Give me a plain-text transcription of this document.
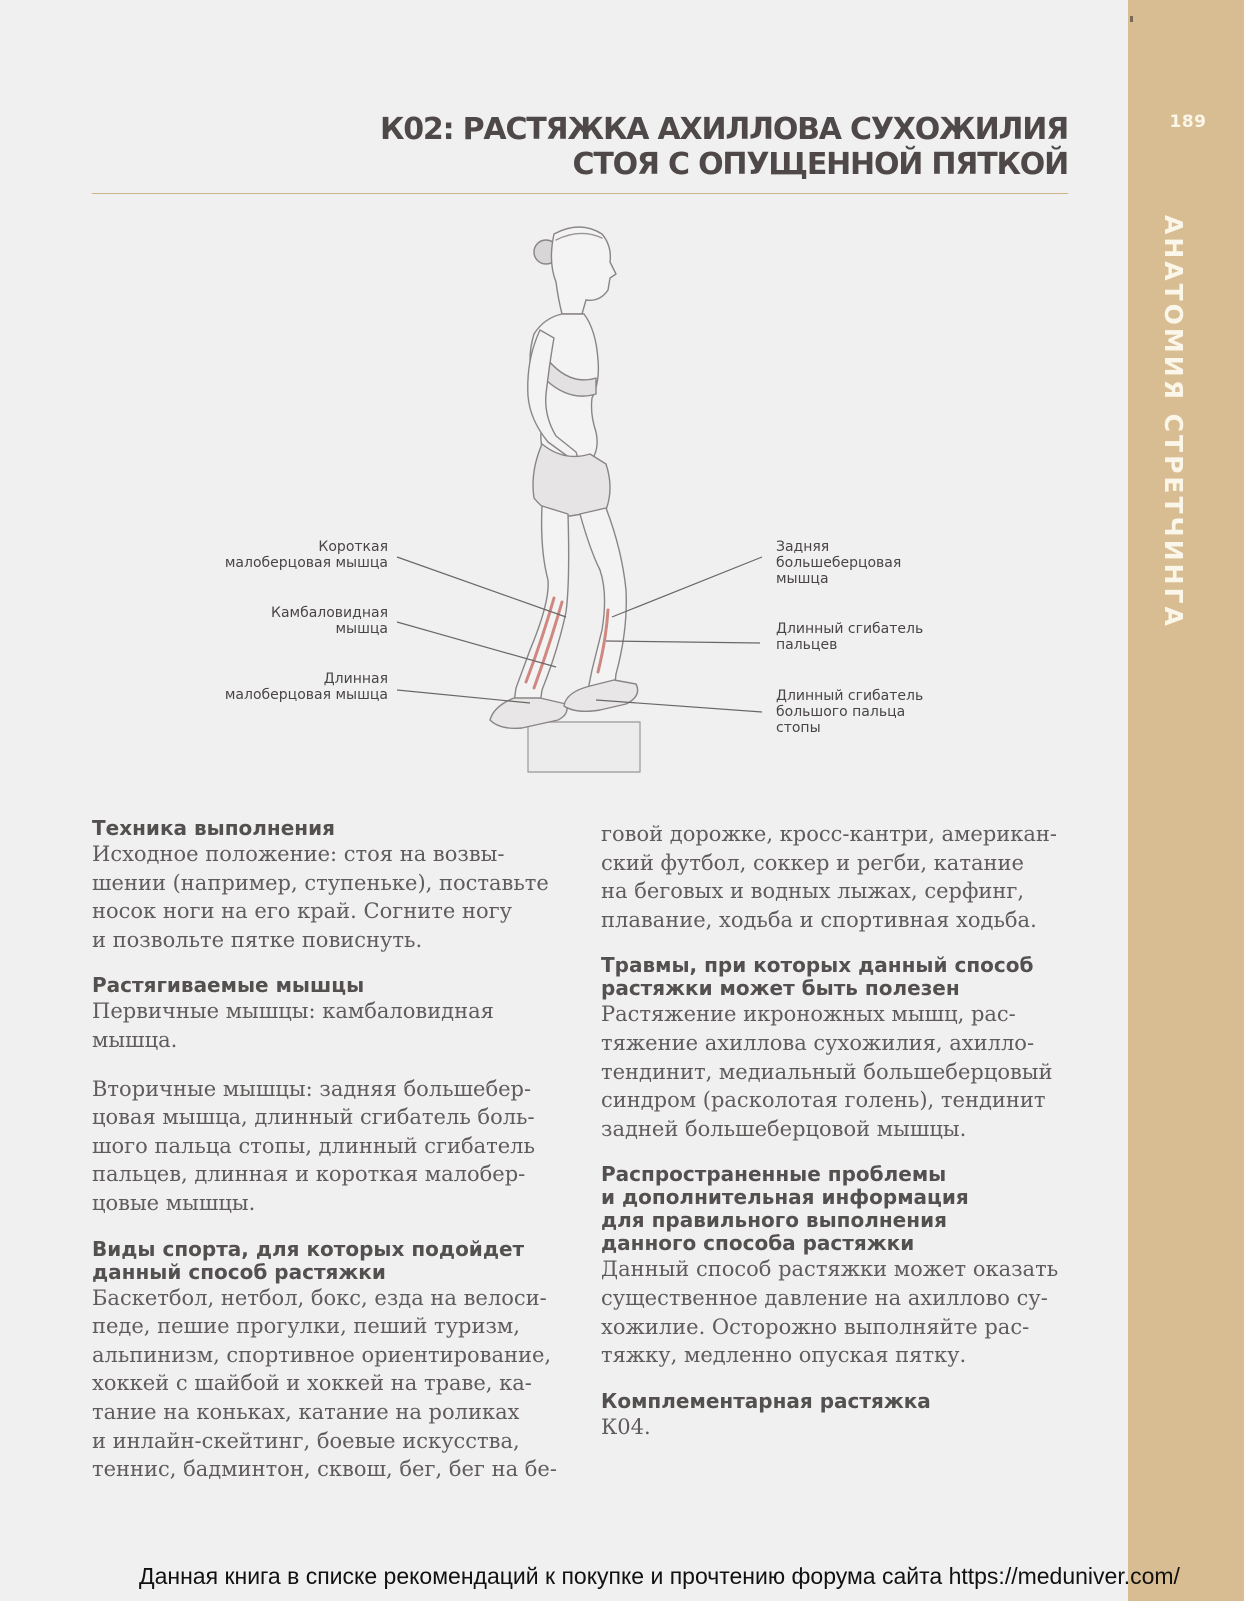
189
АНАТОМИЯ СТРЕТЧИНГА
К02: РАСТЯЖКА АХИЛЛОВА СУХОЖИЛИЯ
СТОЯ С ОПУЩЕННОЙ ПЯТКОЙ
Короткая
малоберцовая мышца
Камбаловидная
мышца
Длинная
малоберцовая мышца
Задняя
большеберцовая
мышца
Длинный сгибатель
пальцев
Длинный сгибатель
большого пальца
стопы
Техника выполнения
Исходное положение: стоя на возвы-
шении (например, ступеньке), поставьте
носок ноги на его край. Согните ногу
и позвольте пятке повиснуть.
Растягиваемые мышцы
Первичные мышцы: камбаловидная
мышца.
Вторичные мышцы: задняя большебер-
цовая мышца, длинный сгибатель боль-
шого пальца стопы, длинный сгибатель
пальцев, длинная и короткая малобер-
цовые мышцы.
Виды спорта, для которых подойдет
данный способ растяжки
Баскетбол, нетбол, бокс, езда на велоси-
педе, пешие прогулки, пеший туризм,
альпинизм, спортивное ориентирование,
хоккей с шайбой и хоккей на траве, ка-
тание на коньках, катание на роликах
и инлайн-скейтинг, боевые искусства,
теннис, бадминтон, сквош, бег, бег на бе-
говой дорожке, кросс-кантри, американ-
ский футбол, соккер и регби, катание
на беговых и водных лыжах, серфинг,
плавание, ходьба и спортивная ходьба.
Травмы, при которых данный способ
растяжки может быть полезен
Растяжение икроножных мышц, рас-
тяжение ахиллова сухожилия, ахилло-
тендинит, медиальный большеберцовый
синдром (расколотая голень), тендинит
задней большеберцовой мышцы.
Распространенные проблемы
и дополнительная информация
для правильного выполнения
данного способа растяжки
Данный способ растяжки может оказать
существенное давление на ахиллово су-
хожилие. Осторожно выполняйте рас-
тяжку, медленно опуская пятку.
Комплементарная растяжка
К04.
Данная книга в списке рекомендаций к покупке и прочтению форума сайта https://meduniver.com/
